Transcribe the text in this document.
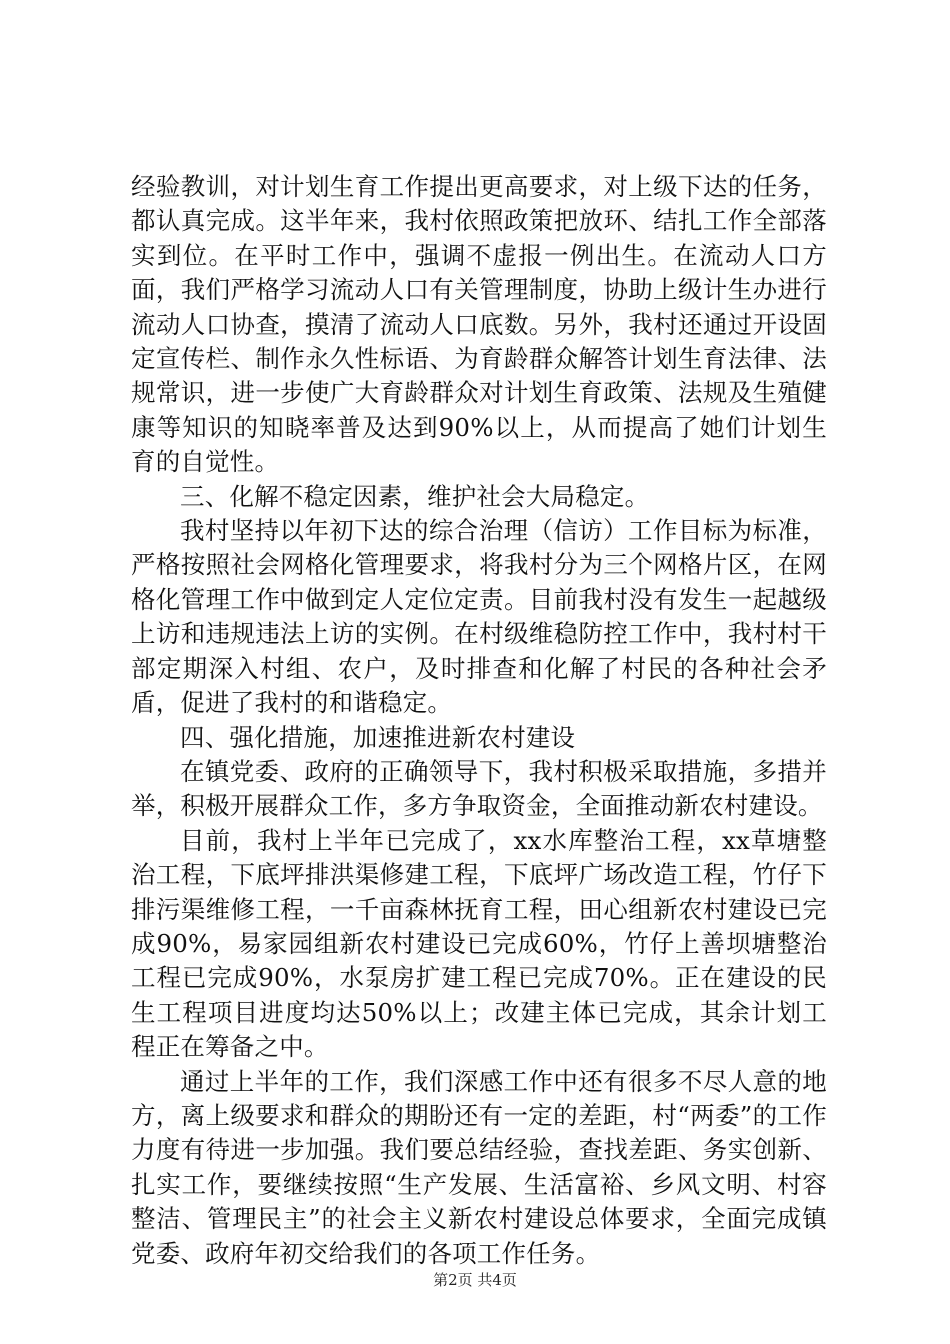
经验教训，对计划生育工作提出更高要求，对上级下达的任务，都认真完成。这半年来，我村依照政策把放环、结扎工作全部落实到位。在平时工作中，强调不虚报一例出生。在流动人口方面，我们严格学习流动人口有关管理制度，协助上级计生办进行流动人口协查，摸清了流动人口底数。另外，我村还通过开设固定宣传栏、制作永久性标语、为育龄群众解答计划生育法律、法规常识，进一步使广大育龄群众对计划生育政策、法规及生殖健康等知识的知晓率普及达到90%以上，从而提高了她们计划生育的自觉性。

三、化解不稳定因素，维护社会大局稳定。

我村坚持以年初下达的综合治理（信访）工作目标为标准，严格按照社会网格化管理要求，将我村分为三个网格片区，在网格化管理工作中做到定人定位定责。目前我村没有发生一起越级上访和违规违法上访的实例。在村级维稳防控工作中，我村村干部定期深入村组、农户，及时排查和化解了村民的各种社会矛盾，促进了我村的和谐稳定。

四、强化措施，加速推进新农村建设

在镇党委、政府的正确领导下，我村积极采取措施，多措并举，积极开展群众工作，多方争取资金，全面推动新农村建设。

目前，我村上半年已完成了，xx水库整治工程，xx草塘整治工程，下底坪排洪渠修建工程，下底坪广场改造工程，竹仔下排污渠维修工程，一千亩森林抚育工程，田心组新农村建设已完成90%，易家园组新农村建设已完成60%，竹仔上善坝塘整治工程已完成90%，水泵房扩建工程已完成70%。正在建设的民生工程项目进度均达50%以上；改建主体已完成，其余计划工程正在筹备之中。

通过上半年的工作，我们深感工作中还有很多不尽人意的地方，离上级要求和群众的期盼还有一定的差距，村“两委”的工作力度有待进一步加强。我们要总结经验，查找差距、务实创新、扎实工作，要继续按照“生产发展、生活富裕、乡风文明、村容整洁、管理民主”的社会主义新农村建设总体要求，全面完成镇党委、政府年初交给我们的各项工作任务。

第2页 共4页
